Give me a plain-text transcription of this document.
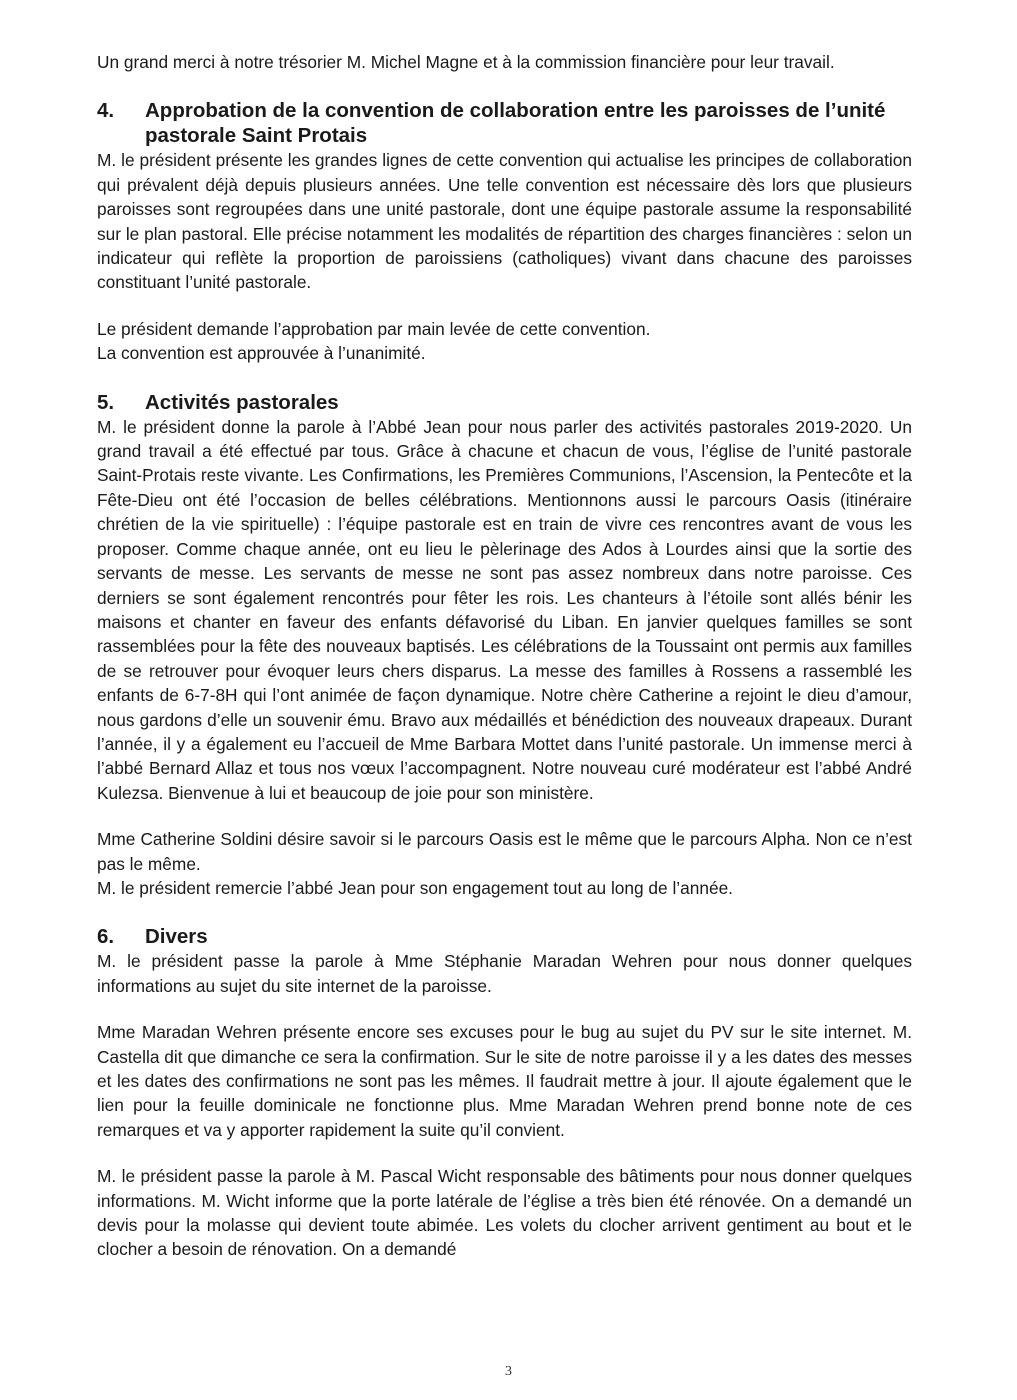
Un grand merci à notre trésorier M. Michel Magne et à la commission financière pour leur travail.

4.	Approbation de la convention de collaboration entre les paroisses de l’unité pastorale Saint Protais

M. le président présente les grandes lignes de cette convention qui actualise les principes de collaboration qui prévalent déjà depuis plusieurs années. Une telle convention est nécessaire dès lors que plusieurs paroisses sont regroupées dans une unité pastorale, dont une équipe pastorale assume la responsabilité sur le plan pastoral. Elle précise notamment les modalités de répartition des charges financières : selon un indicateur qui reflète la proportion de paroissiens (catholiques) vivant dans chacune des paroisses constituant l’unité pastorale.

Le président demande l’approbation par main levée de cette convention.

La convention est approuvée à l’unanimité.

5.	Activités pastorales

M. le président donne la parole à l’Abbé Jean pour nous parler des activités pastorales 2019-2020. Un grand travail a été effectué par tous. Grâce à chacune et chacun de vous, l’église de l’unité pastorale Saint-Protais reste vivante. Les Confirmations, les Premières Communions, l’Ascension, la Pentecôte et la Fête-Dieu ont été l’occasion de belles célébrations. Mentionnons aussi le parcours Oasis (itinéraire chrétien de la vie spirituelle) : l’équipe pastorale est en train de vivre ces rencontres avant de vous les proposer. Comme chaque année, ont eu lieu le pèlerinage des Ados à Lourdes ainsi que la sortie des servants de messe. Les servants de messe ne sont pas assez nombreux dans notre paroisse. Ces derniers se sont également rencontrés pour fêter les rois. Les chanteurs à l’étoile sont allés bénir les maisons et chanter en faveur des enfants défavorisé du Liban. En janvier quelques familles se sont rassemblées pour la fête des nouveaux baptisés. Les célébrations de la Toussaint ont permis aux familles de se retrouver pour évoquer leurs chers disparus. La messe des familles à Rossens a rassemblé les enfants de 6-7-8H qui l’ont animée de façon dynamique. Notre chère Catherine a rejoint le dieu d’amour, nous gardons d’elle un souvenir ému. Bravo aux médaillés et bénédiction des nouveaux drapeaux. Durant l’année, il y a également eu l’accueil de Mme Barbara Mottet dans l’unité pastorale. Un immense merci à l’abbé Bernard Allaz et tous nos vœux l’accompagnent. Notre nouveau curé modérateur est l’abbé André Kulezsa. Bienvenue à lui et beaucoup de joie pour son ministère.

Mme Catherine Soldini désire savoir si le parcours Oasis est le même que le parcours Alpha. Non ce n’est pas le même.

M. le président remercie l’abbé Jean pour son engagement tout au long de l’année.

6.	Divers

M. le président passe la parole à Mme Stéphanie Maradan Wehren pour nous donner quelques informations au sujet du site internet de la paroisse.

Mme Maradan Wehren présente encore ses excuses pour le bug au sujet du PV sur le site internet. M. Castella dit que dimanche ce sera la confirmation. Sur le site de notre paroisse il y a les dates des messes et les dates des confirmations ne sont pas les mêmes. Il faudrait mettre à jour. Il ajoute également que le lien pour la feuille dominicale ne fonctionne plus. Mme Maradan Wehren prend bonne note de ces remarques et va y apporter rapidement la suite qu’il convient.

M. le président passe la parole à M. Pascal Wicht responsable des bâtiments pour nous donner quelques informations. M. Wicht informe que la porte latérale de l’église a très bien été rénovée. On a demandé un devis pour la molasse qui devient toute abimée. Les volets du clocher arrivent gentiment au bout et le clocher a besoin de rénovation. On a demandé

3
